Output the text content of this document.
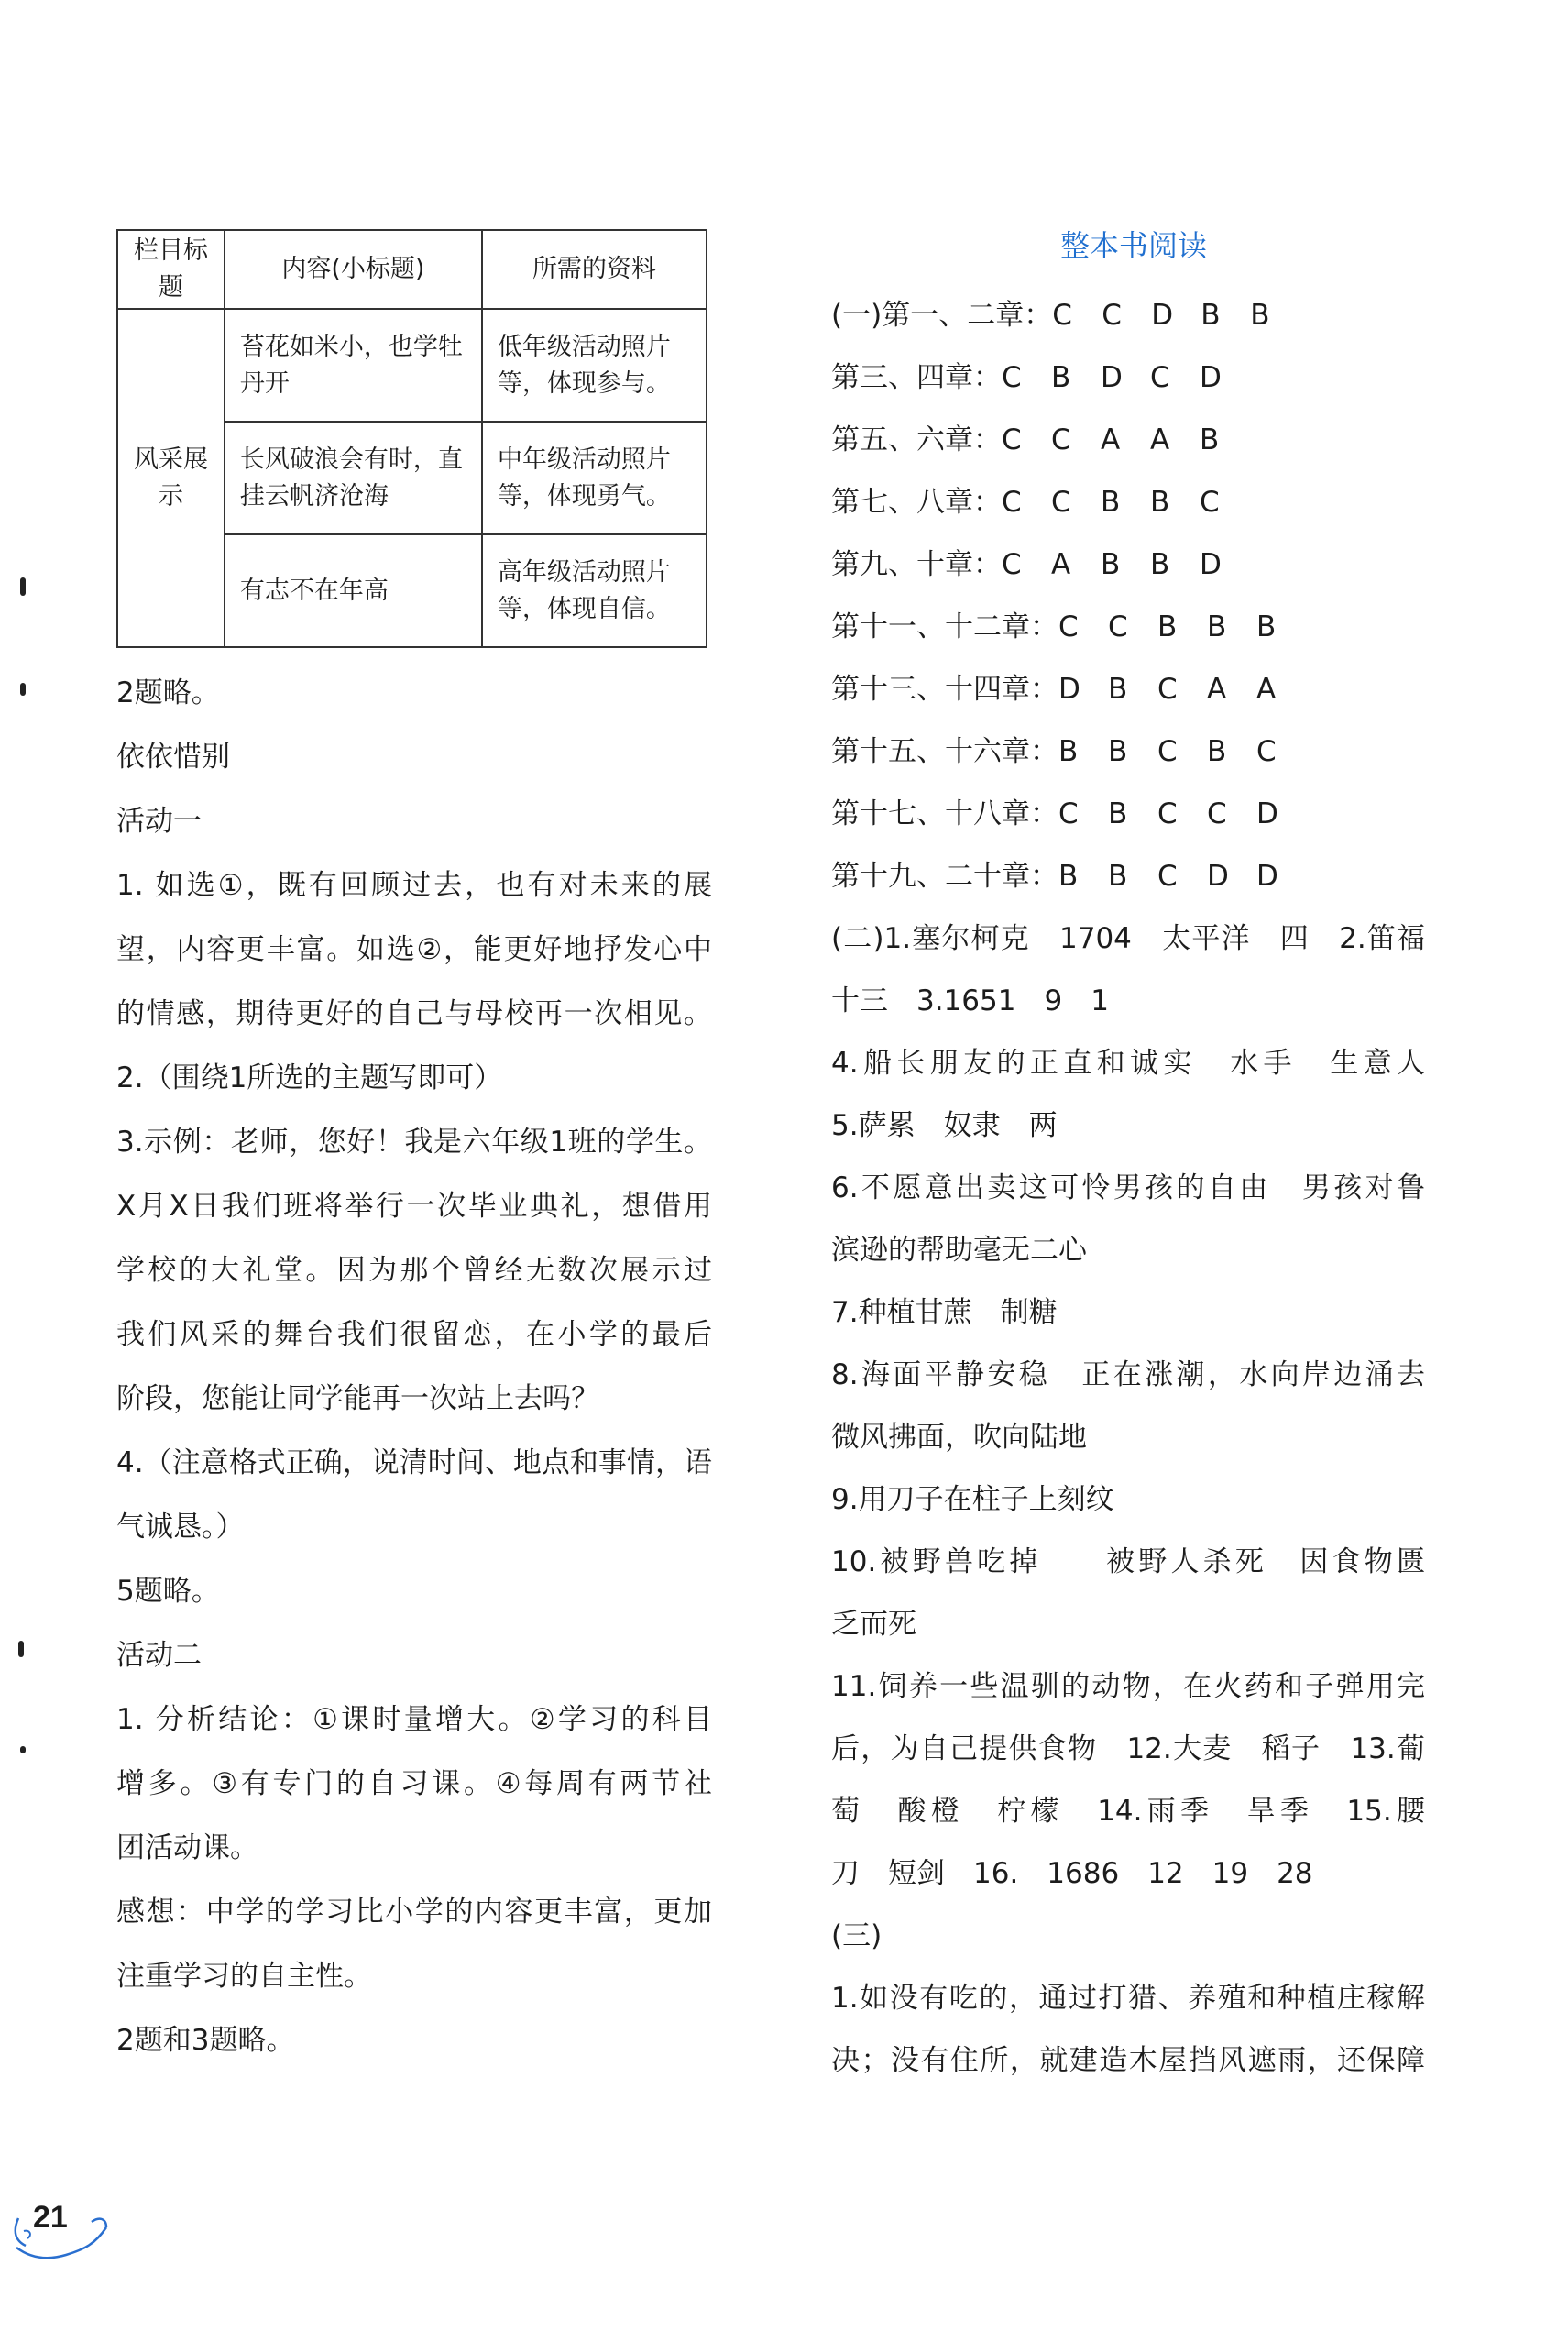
栏目标题	内容(小标题)	所需的资料
风采展示	苔花如米小，也学牡丹开	低年级活动照片等，体现参与。
	长风破浪会有时，直挂云帆济沧海	中年级活动照片等，体现勇气。
	有志不在年高	高年级活动照片等，体现自信。
2题略。
依依惜别
活动一
1. 如选①，既有回顾过去，也有对未来的展
望，内容更丰富。如选②，能更好地抒发心中
的情感，期待更好的自己与母校再一次相见。
2.（围绕1所选的主题写即可）
3.示例：老师，您好！我是六年级1班的学生。
X月X日我们班将举行一次毕业典礼，想借用
学校的大礼堂。因为那个曾经无数次展示过
我们风采的舞台我们很留恋，在小学的最后
阶段，您能让同学能再一次站上去吗？
4.（注意格式正确，说清时间、地点和事情，语
气诚恳。）
5题略。
活动二
1. 分析结论：①课时量增大。②学习的科目
增多。③有专门的自习课。④每周有两节社
团活动课。
感想：中学的学习比小学的内容更丰富，更加
注重学习的自主性。
2题和3题略。
整本书阅读
(一)第一、二章：C C D B B
第三、四章：C B D C D
第五、六章：C C A A B
第七、八章：C C B B C
第九、十章：C A B B D
第十一、十二章：C C B B B
第十三、十四章：D B C A A
第十五、十六章：B B C B C
第十七、十八章：C B C C D
第十九、二十章：B B C D D
(二)1.塞尔柯克　1704　太平洋　四　2.笛福
十三　3.1651　9　1
4.船长朋友的正直和诚实　水手　生意人
5.萨累　奴隶　两
6.不愿意出卖这可怜男孩的自由　男孩对鲁
滨逊的帮助毫无二心
7.种植甘蔗　制糖
8.海面平静安稳　正在涨潮，水向岸边涌去
微风拂面，吹向陆地
9.用刀子在柱子上刻纹
10.被野兽吃掉　　被野人杀死　因食物匮
乏而死
11.饲养一些温驯的动物，在火药和子弹用完
后，为自己提供食物　12.大麦　稻子　13.葡
萄　酸橙　柠檬　14.雨季　旱季　15.腰
刀　短剑　16.　1686　12　19　28
(三)
1.如没有吃的，通过打猎、养殖和种植庄稼解
决；没有住所，就建造木屋挡风遮雨，还保障
21
